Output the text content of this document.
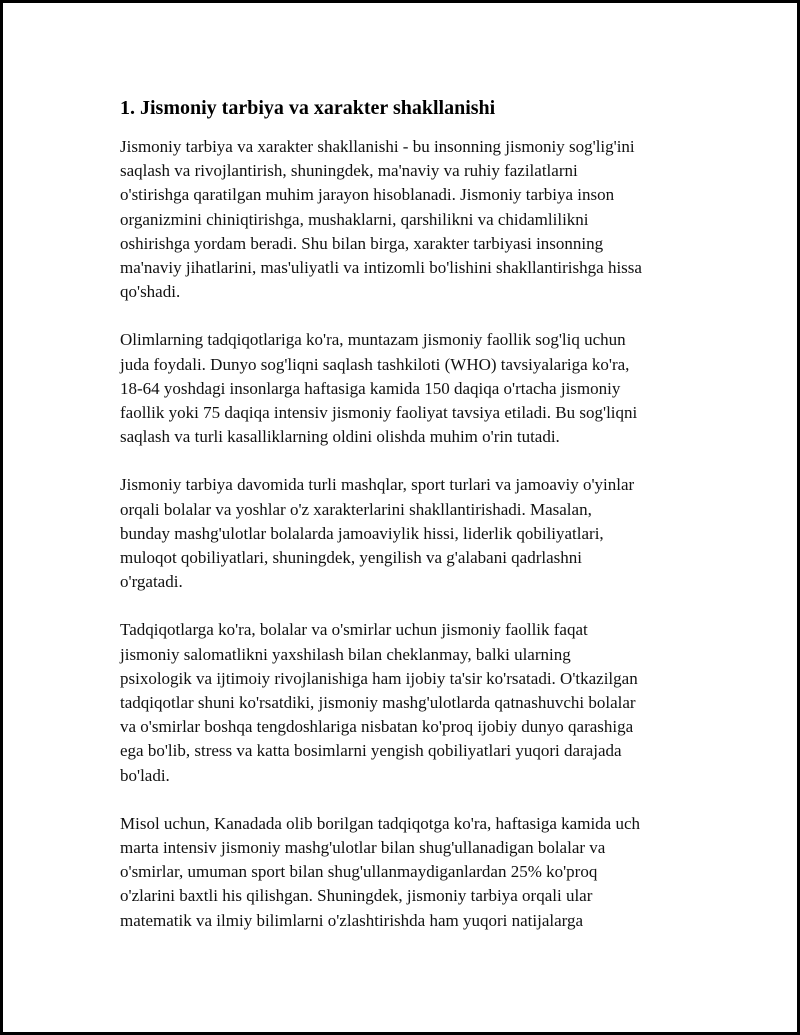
1. Jismoniy tarbiya va xarakter shakllanishi

Jismoniy tarbiya va xarakter shakllanishi - bu insonning jismoniy sog'lig'ini
saqlash va rivojlantirish, shuningdek, ma'naviy va ruhiy fazilatlarni
o'stirishga qaratilgan muhim jarayon hisoblanadi. Jismoniy tarbiya inson
organizmini chiniqtirishga, mushaklarni, qarshilikni va chidamlilikni
oshirishga yordam beradi. Shu bilan birga, xarakter tarbiyasi insonning
ma'naviy jihatlarini, mas'uliyatli va intizomli bo'lishini shakllantirishga hissa
qo'shadi.

Olimlarning tadqiqotlariga ko'ra, muntazam jismoniy faollik sog'liq uchun
juda foydali. Dunyo sog'liqni saqlash tashkiloti (WHO) tavsiyalariga ko'ra,
18-64 yoshdagi insonlarga haftasiga kamida 150 daqiqa o'rtacha jismoniy
faollik yoki 75 daqiqa intensiv jismoniy faoliyat tavsiya etiladi. Bu sog'liqni
saqlash va turli kasalliklarning oldini olishda muhim o'rin tutadi.

Jismoniy tarbiya davomida turli mashqlar, sport turlari va jamoaviy o'yinlar
orqali bolalar va yoshlar o'z xarakterlarini shakllantirishadi. Masalan,
bunday mashg'ulotlar bolalarda jamoaviylik hissi, liderlik qobiliyatlari,
muloqot qobiliyatlari, shuningdek, yengilish va g'alabani qadrlashni
o'rgatadi.

Tadqiqotlarga ko'ra, bolalar va o'smirlar uchun jismoniy faollik faqat
jismoniy salomatlikni yaxshilash bilan cheklanmay, balki ularning
psixologik va ijtimoiy rivojlanishiga ham ijobiy ta'sir ko'rsatadi. O'tkazilgan
tadqiqotlar shuni ko'rsatdiki, jismoniy mashg'ulotlarda qatnashuvchi bolalar
va o'smirlar boshqa tengdoshlariga nisbatan ko'proq ijobiy dunyo qarashiga
ega bo'lib, stress va katta bosimlarni yengish qobiliyatlari yuqori darajada
bo'ladi.

Misol uchun, Kanadada olib borilgan tadqiqotga ko'ra, haftasiga kamida uch
marta intensiv jismoniy mashg'ulotlar bilan shug'ullanadigan bolalar va
o'smirlar, umuman sport bilan shug'ullanmaydiganlardan 25% ko'proq
o'zlarini baxtli his qilishgan. Shuningdek, jismoniy tarbiya orqali ular
matematik va ilmiy bilimlarni o'zlashtirishda ham yuqori natijalarga
